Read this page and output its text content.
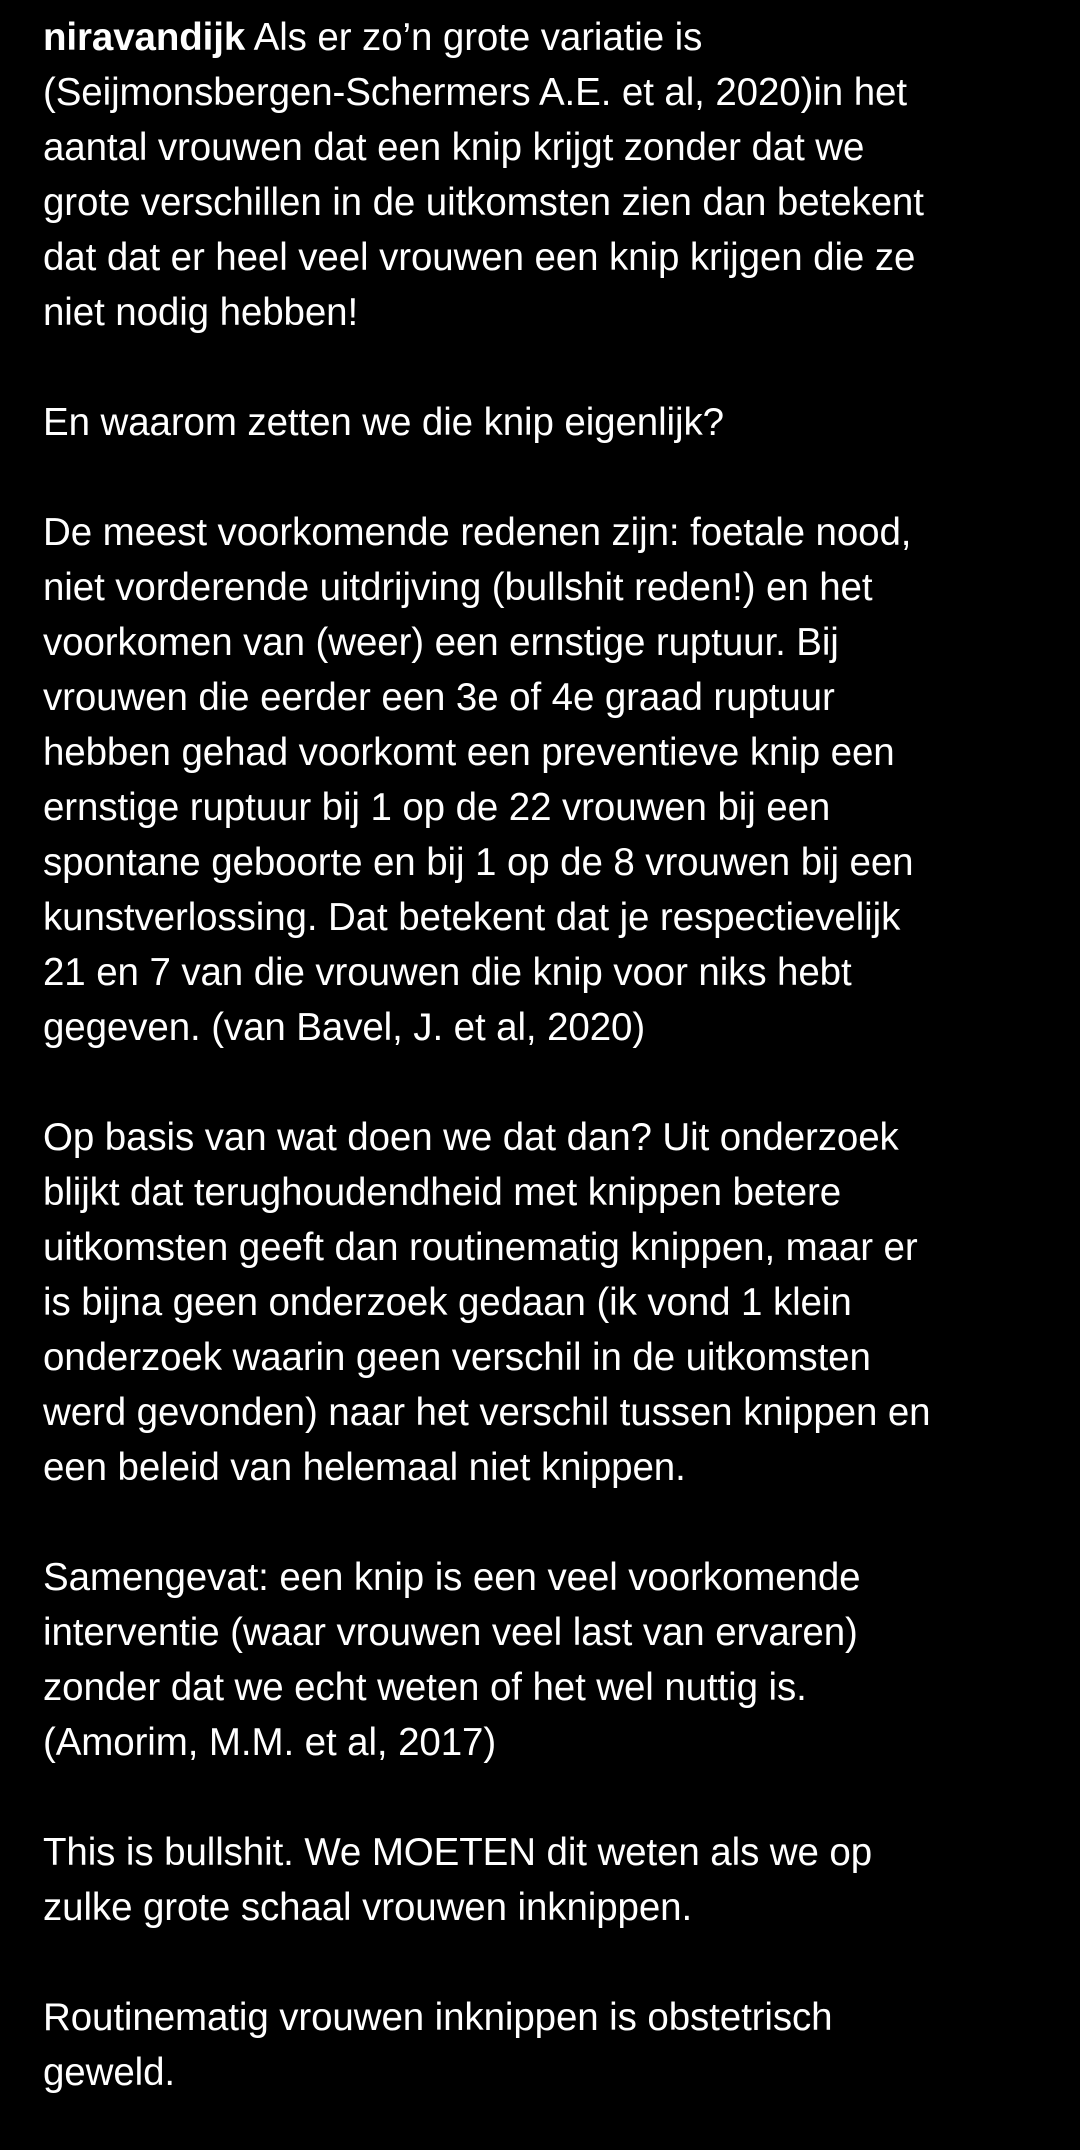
niravandijk Als er zo’n grote variatie is
(Seijmonsbergen-Schermers A.E. et al, 2020)in het
aantal vrouwen dat een knip krijgt zonder dat we
grote verschillen in de uitkomsten zien dan betekent
dat dat er heel veel vrouwen een knip krijgen die ze
niet nodig hebben!

En waarom zetten we die knip eigenlijk?

De meest voorkomende redenen zijn: foetale nood,
niet vorderende uitdrijving (bullshit reden!) en het
voorkomen van (weer) een ernstige ruptuur. Bij
vrouwen die eerder een 3e of 4e graad ruptuur
hebben gehad voorkomt een preventieve knip een
ernstige ruptuur bij 1 op de 22 vrouwen bij een
spontane geboorte en bij 1 op de 8 vrouwen bij een
kunstverlossing. Dat betekent dat je respectievelijk
21 en 7 van die vrouwen die knip voor niks hebt
gegeven. (van Bavel, J. et al, 2020)

Op basis van wat doen we dat dan? Uit onderzoek
blijkt dat terughoudendheid met knippen betere
uitkomsten geeft dan routinematig knippen, maar er
is bijna geen onderzoek gedaan (ik vond 1 klein
onderzoek waarin geen verschil in de uitkomsten
werd gevonden) naar het verschil tussen knippen en
een beleid van helemaal niet knippen.

Samengevat: een knip is een veel voorkomende
interventie (waar vrouwen veel last van ervaren)
zonder dat we echt weten of het wel nuttig is.
(Amorim, M.M. et al, 2017)

This is bullshit. We MOETEN dit weten als we op
zulke grote schaal vrouwen inknippen.

Routinematig vrouwen inknippen is obstetrisch
geweld.
